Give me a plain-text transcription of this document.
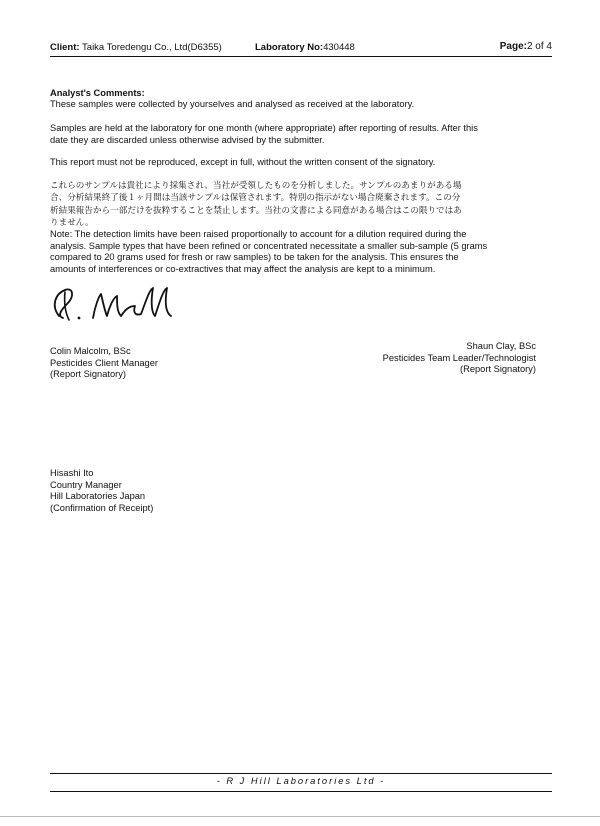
Client: Taika Toredengu Co., Ltd(D6355)	Laboratory No:430448	Page:2 of 4
Analyst's Comments:
These samples were collected by yourselves and analysed as received at the laboratory.
Samples are held at the laboratory for one month (where appropriate) after reporting of results. After this
date they are discarded unless otherwise advised by the submitter.
This report must not be reproduced, except in full, without the written consent of the signatory.
これらのサンプルは貴社により採集され、当社が受領したものを分析しました。サンプルのあまりがある場
合、分析結果終了後１ヶ月間は当該サンプルは保管されます。特別の指示がない場合廃棄されます。この分
析結果報告から一部だけを抜粋することを禁止します。当社の文書による同意がある場合はこの限りではあ
りません。
Note: The detection limits have been raised proportionally to account for a dilution required during the
analysis. Sample types that have been refined or concentrated necessitate a smaller sub-sample (5 grams
compared to 20 grams used for fresh or raw samples) to be taken for the analysis. This ensures the
amounts of interferences or co-extractives that may affect the analysis are kept to a minimum.
Colin Malcolm, BSc
Pesticides Client Manager
(Report Signatory)
Shaun Clay, BSc
Pesticides Team Leader/Technologist
(Report Signatory)
Hisashi Ito
Country Manager
Hill Laboratories Japan
(Confirmation of Receipt)
- R J Hill Laboratories Ltd -
